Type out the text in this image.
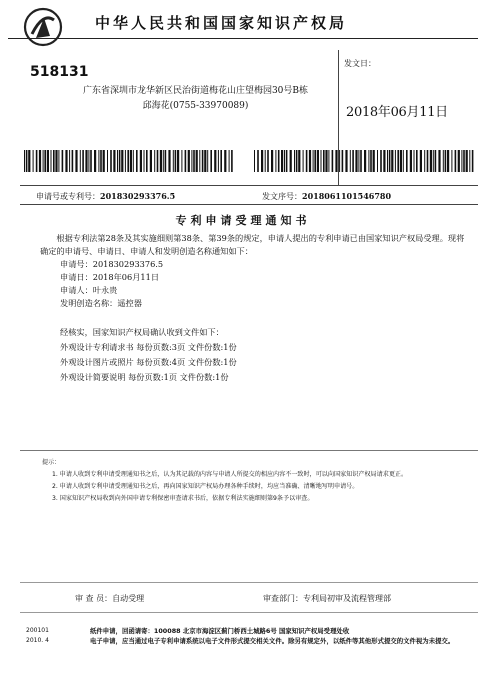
中华人民共和国国家知识产权局
518131
广东省深圳市龙华新区民治街道梅花山庄望梅园30号B栋
邱海花(0755-33970089)
发文日：
2018年06月11日
申请号或专利号：201830293376.5	发文序号：2018061101546780
专利申请受理通知书

根据专利法第28条及其实施细则第38条、第39条的规定，申请人提出的专利申请已由国家知识产权局受理。现将确定的申请号、申请日、申请人和发明创造名称通知如下：

申请号：201830293376.5

申请日：2018年06月11日

申请人：叶永贵

发明创造名称：遥控器

经核实，国家知识产权局确认收到文件如下：
外观设计专利请求书 每份页数:3页 文件份数:1份
外观设计图片或照片 每份页数:4页 文件份数:1份
外观设计简要说明 每份页数:1页 文件份数:1份

提示：

1. 申请人收到专利申请受理通知书之后，认为其记载的内容与申请人所提交的相应内容不一致时，可以向国家知识产权局请求更正。

2. 申请人收到专利申请受理通知书之后，再向国家知识产权局办理各种手续时，均应当准确、清晰地写明申请号。

3. 国家知识产权局收到向外国申请专利保密审查请求书后，依据专利法实施细则第9条予以审查。

审 查 员：自动受理	审查部门：专利局初审及流程管理部
200101
2010. 4
纸件申请，回函请寄：100088 北京市海淀区蓟门桥西土城路6号 国家知识产权局受理处收
电子申请，应当通过电子专利申请系统以电子文件形式提交相关文件。除另有规定外，以纸件等其他形式提交的文件视为未提交。
